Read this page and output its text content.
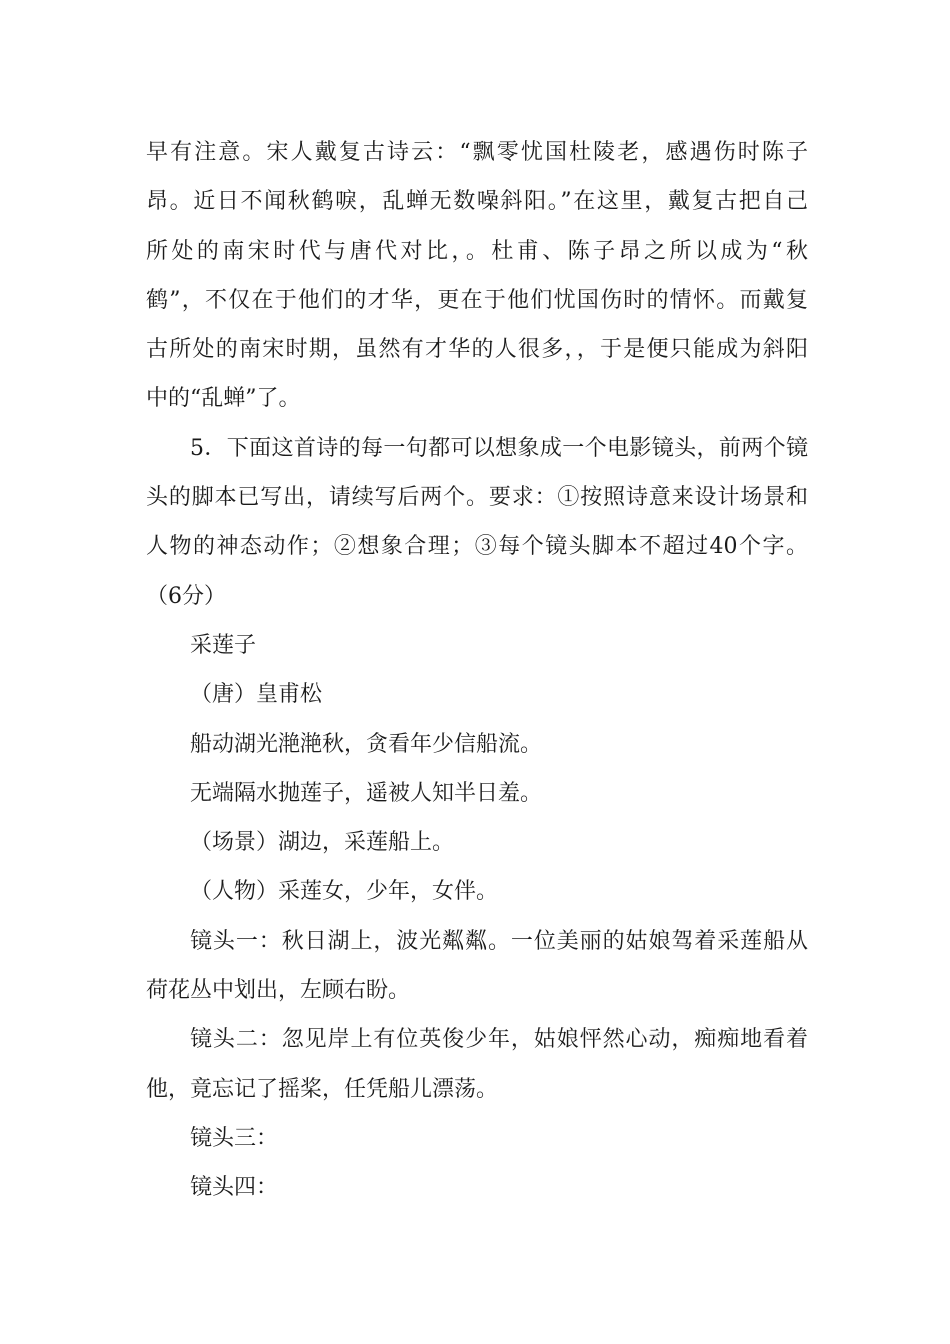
早有注意。宋人戴复古诗云：“飘零忧国杜陵老，感遇伤时陈子
昂。近日不闻秋鹤唳，乱蝉无数噪斜阳。”在这里，戴复古把自己
所处的南宋时代与唐代对比，。杜甫、陈子昂之所以成为“秋
鹤”，不仅在于他们的才华，更在于他们忧国伤时的情怀。而戴复
古所处的南宋时期，虽然有才华的人很多，，于是便只能成为斜阳
中的“乱蝉”了。
5．下面这首诗的每一句都可以想象成一个电影镜头，前两个镜
头的脚本已写出，请续写后两个。要求：①按照诗意来设计场景和
人物的神态动作；②想象合理；③每个镜头脚本不超过40个字。
（6分）
采莲子
（唐）皇甫松
船动湖光滟滟秋，贪看年少信船流。
无端隔水抛莲子，遥被人知半日羞。
（场景）湖边，采莲船上。
（人物）采莲女，少年，女伴。
镜头一：秋日湖上，波光粼粼。一位美丽的姑娘驾着采莲船从
荷花丛中划出，左顾右盼。
镜头二：忽见岸上有位英俊少年，姑娘怦然心动，痴痴地看着
他，竟忘记了摇桨，任凭船儿漂荡。
镜头三：
镜头四：
